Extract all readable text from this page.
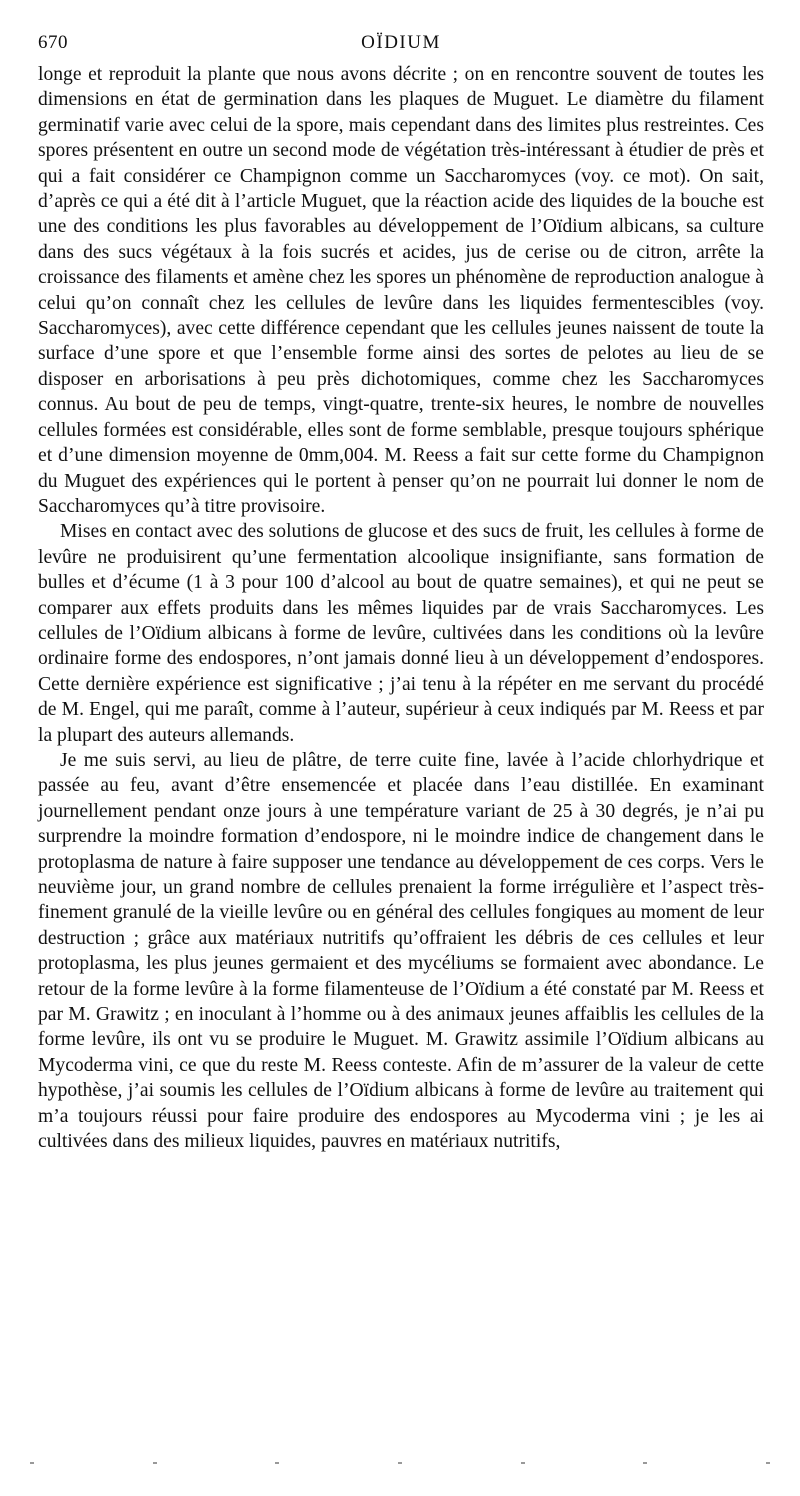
670	OÏDIUM

longe et reproduit la plante que nous avons décrite ; on en rencontre souvent de toutes les dimensions en état de germination dans les plaques de Muguet. Le diamètre du filament germinatif varie avec celui de la spore, mais cependant dans des limites plus restreintes. Ces spores présentent en outre un second mode de végétation très-intéressant à étudier de près et qui a fait considérer ce Champignon comme un Saccharomyces (voy. ce mot). On sait, d’après ce qui a été dit à l’article Muguet, que la réaction acide des liquides de la bouche est une des conditions les plus favorables au développement de l’Oïdium albicans, sa culture dans des sucs végétaux à la fois sucrés et acides, jus de cerise ou de citron, arrête la croissance des filaments et amène chez les spores un phénomène de reproduction analogue à celui qu’on connaît chez les cellules de levûre dans les liquides fermentescibles (voy. Saccharomyces), avec cette différence cependant que les cellules jeunes naissent de toute la surface d’une spore et que l’ensemble forme ainsi des sortes de pelotes au lieu de se disposer en arborisations à peu près dichotomiques, comme chez les Saccharomyces connus. Au bout de peu de temps, vingt-quatre, trente-six heures, le nombre de nouvelles cellules formées est considérable, elles sont de forme semblable, presque toujours sphérique et d’une dimension moyenne de 0mm,004. M. Reess a fait sur cette forme du Champignon du Muguet des expériences qui le portent à penser qu’on ne pourrait lui donner le nom de Saccharomyces qu’à titre provisoire.

Mises en contact avec des solutions de glucose et des sucs de fruit, les cellules à forme de levûre ne produisirent qu’une fermentation alcoolique insignifiante, sans formation de bulles et d’écume (1 à 3 pour 100 d’alcool au bout de quatre semaines), et qui ne peut se comparer aux effets produits dans les mêmes liquides par de vrais Saccharomyces. Les cellules de l’Oïdium albicans à forme de levûre, cultivées dans les conditions où la levûre ordinaire forme des endospores, n’ont jamais donné lieu à un développement d’endospores. Cette dernière expérience est significative ; j’ai tenu à la répéter en me servant du procédé de M. Engel, qui me paraît, comme à l’auteur, supérieur à ceux indiqués par M. Reess et par la plupart des auteurs allemands.

Je me suis servi, au lieu de plâtre, de terre cuite fine, lavée à l’acide chlorhydrique et passée au feu, avant d’être ensemencée et placée dans l’eau distillée. En examinant journellement pendant onze jours à une température variant de 25 à 30 degrés, je n’ai pu surprendre la moindre formation d’endospore, ni le moindre indice de changement dans le protoplasma de nature à faire supposer une tendance au développement de ces corps. Vers le neuvième jour, un grand nombre de cellules prenaient la forme irrégulière et l’aspect très-finement granulé de la vieille levûre ou en général des cellules fongiques au moment de leur destruction ; grâce aux matériaux nutritifs qu’offraient les débris de ces cellules et leur protoplasma, les plus jeunes germaient et des mycéliums se formaient avec abondance. Le retour de la forme levûre à la forme filamenteuse de l’Oïdium a été constaté par M. Reess et par M. Grawitz ; en inoculant à l’homme ou à des animaux jeunes affaiblis les cellules de la forme levûre, ils ont vu se produire le Muguet. M. Grawitz assimile l’Oïdium albicans au Mycoderma vini, ce que du reste M. Reess conteste. Afin de m’assurer de la valeur de cette hypothèse, j’ai soumis les cellules de l’Oïdium albicans à forme de levûre au traitement qui m’a toujours réussi pour faire produire des endospores au Mycoderma vini ; je les ai cultivées dans des milieux liquides, pauvres en matériaux nutritifs,
